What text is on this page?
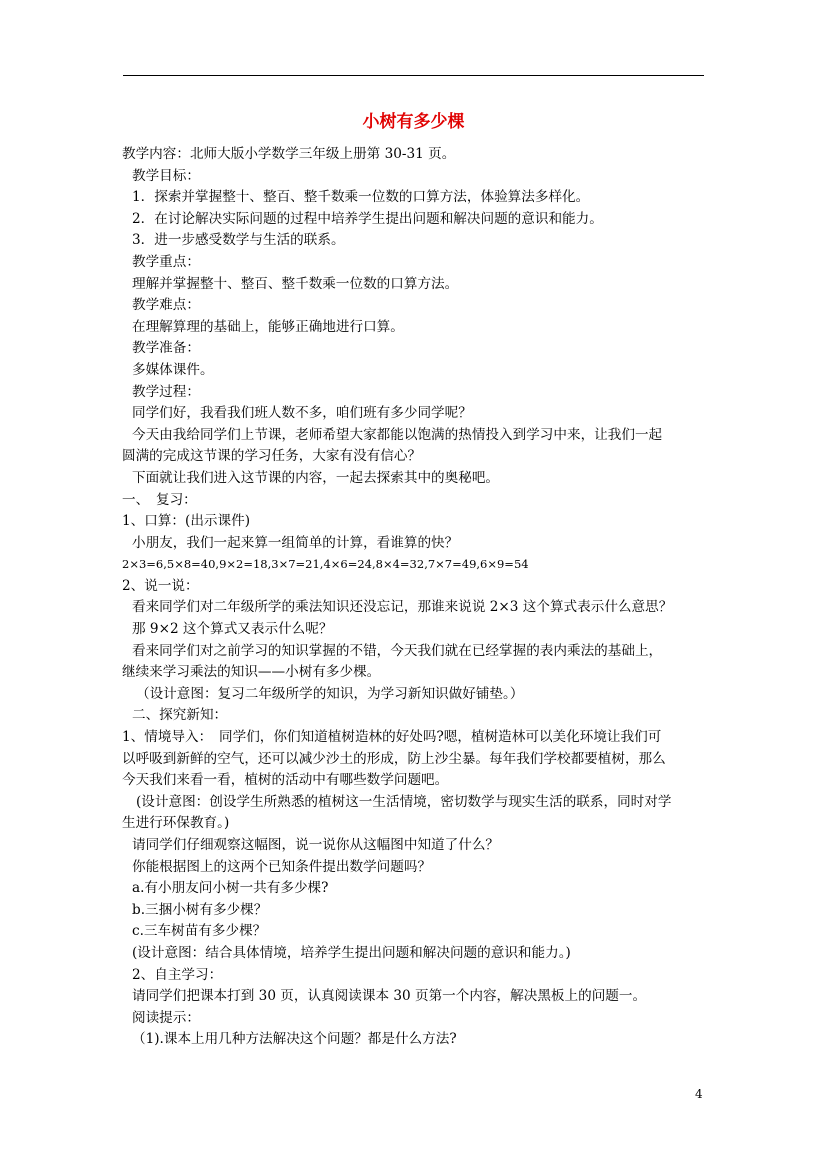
小树有多少棵
教学内容：北师大版小学数学三年级上册第 30-31 页。
教学目标：
1．探索并掌握整十、整百、整千数乘一位数的口算方法，体验算法多样化。
2．在讨论解决实际问题的过程中培养学生提出问题和解决问题的意识和能力。
3．进一步感受数学与生活的联系。
教学重点：
理解并掌握整十、整百、整千数乘一位数的口算方法。
教学难点：
在理解算理的基础上，能够正确地进行口算。
教学准备：
多媒体课件。
教学过程：
同学们好，我看我们班人数不多，咱们班有多少同学呢？
今天由我给同学们上节课，老师希望大家都能以饱满的热情投入到学习中来，让我们一起
圆满的完成这节课的学习任务，大家有没有信心？
下面就让我们进入这节课的内容，一起去探索其中的奥秘吧。
一、　复习：
1、口算：(出示课件)
小朋友，我们一起来算一组简单的计算，看谁算的快？
2×3=6,5×8=40,9×2=18,3×7=21,4×6=24,8×4=32,7×7=49,6×9=54
2、说一说：
看来同学们对二年级所学的乘法知识还没忘记，那谁来说说 2×3 这个算式表示什么意思？
那 9×2 这个算式又表示什么呢？
看来同学们对之前学习的知识掌握的不错，今天我们就在已经掌握的表内乘法的基础上，
继续来学习乘法的知识——小树有多少棵。
（设计意图：复习二年级所学的知识，为学习新知识做好铺垫。）
二、探究新知：
1、情境导入：　同学们，你们知道植树造林的好处吗?嗯，植树造林可以美化环境让我们可
以呼吸到新鲜的空气，还可以减少沙土的形成，防上沙尘暴。每年我们学校都要植树，那么
今天我们来看一看，植树的活动中有哪些数学问题吧。
(设计意图：创设学生所熟悉的植树这一生活情境，密切数学与现实生活的联系，同时对学
生进行环保教育。)
请同学们仔细观察这幅图，说一说你从这幅图中知道了什么？
你能根据图上的这两个已知条件提出数学问题吗？
a.有小朋友问小树一共有多少棵?
b.三捆小树有多少棵？
c.三车树苗有多少棵？
(设计意图：结合具体情境，培养学生提出问题和解决问题的意识和能力。)
2、自主学习：
请同学们把课本打到 30 页，认真阅读课本 30 页第一个内容，解决黑板上的问题一。
阅读提示：
（1).课本上用几种方法解决这个问题？都是什么方法?
4
